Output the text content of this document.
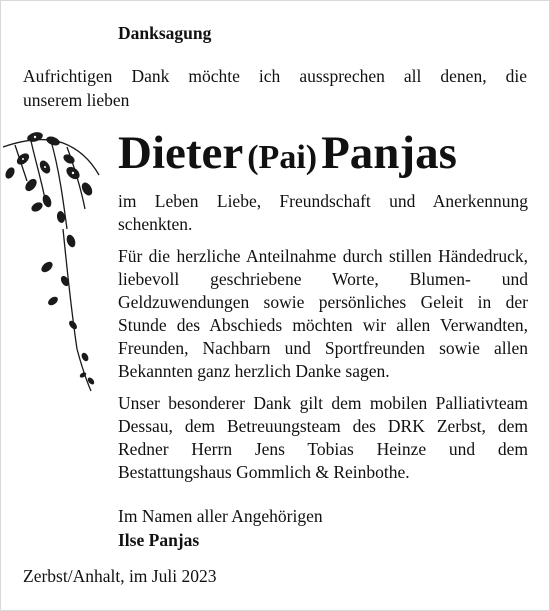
Danksagung
Aufrichtigen Dank möchte ich aussprechen all denen, die
unserem lieben
Dieter (Pai) Panjas

im Leben Liebe, Freundschaft und Anerkennung schenkten.

Für die herzliche Anteilnahme durch stillen Händedruck, liebevoll geschriebene Worte, Blumen- und Geldzuwendungen sowie persönliches Geleit in der Stunde des Abschieds möchten wir allen Verwandten, Freunden, Nachbarn und Sportfreunden sowie allen Bekannten ganz herzlich Danke sagen.

Unser besonderer Dank gilt dem mobilen Palliativteam Dessau, dem Betreuungsteam des DRK Zerbst, dem Redner Herrn Jens Tobias Heinze und dem Bestattungshaus Gommlich & Reinbothe.

Im Namen aller Angehörigen
Ilse Panjas
Zerbst/Anhalt, im Juli 2023
